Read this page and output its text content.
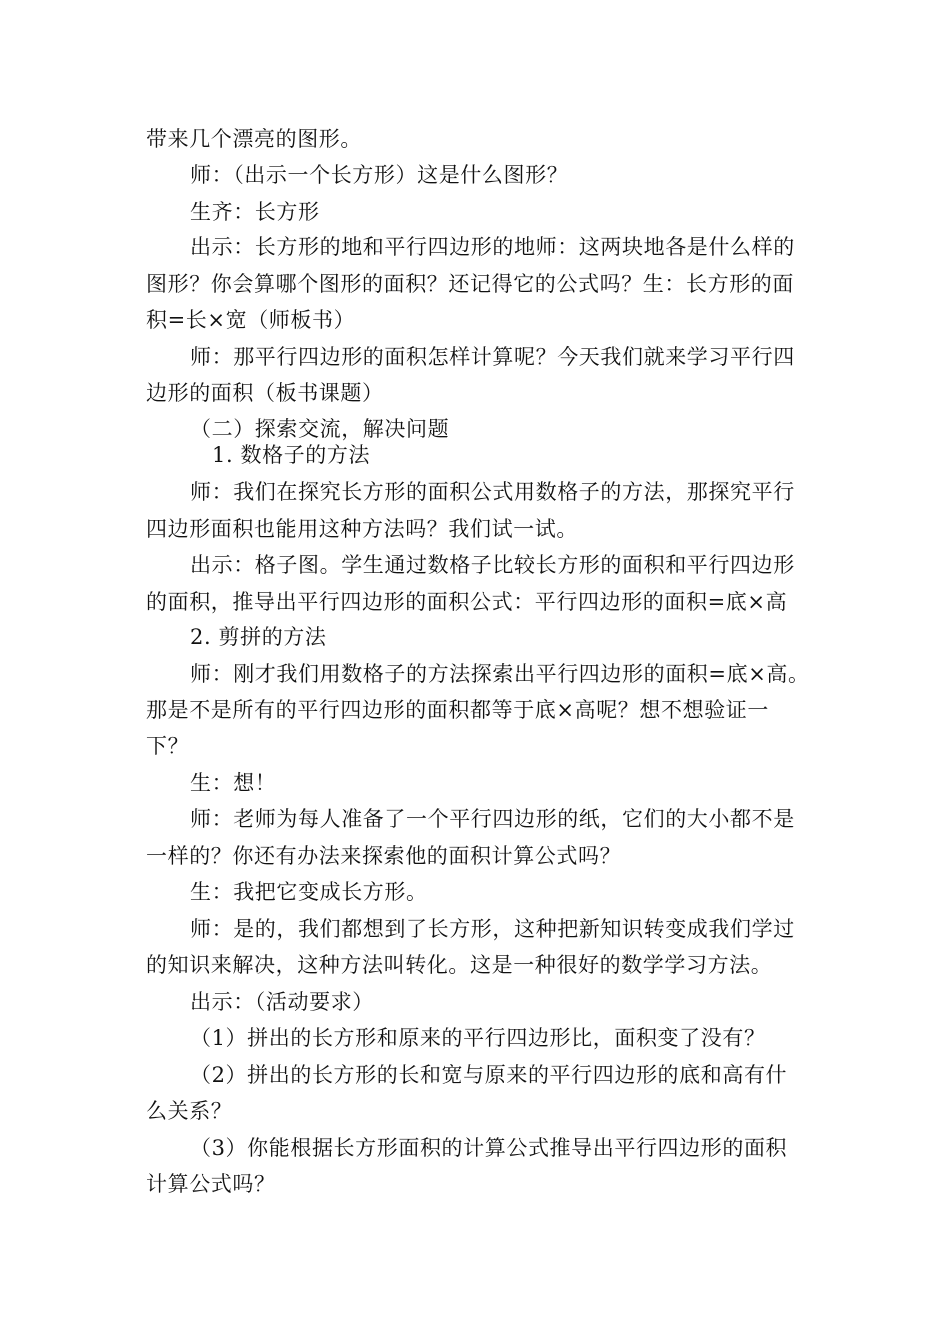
带来几个漂亮的图形。
师：（出示一个长方形）这是什么图形？
生齐：长方形
出示：长方形的地和平行四边形的地师：这两块地各是什么样的
图形？你会算哪个图形的面积？还记得它的公式吗？生：长方形的面
积=长×宽（师板书）
师：那平行四边形的面积怎样计算呢？今天我们就来学习平行四
边形的面积（板书课题）
（二）探索交流，解决问题
1. 数格子的方法
师：我们在探究长方形的面积公式用数格子的方法，那探究平行
四边形面积也能用这种方法吗？我们试一试。
出示：格子图。学生通过数格子比较长方形的面积和平行四边形
的面积，推导出平行四边形的面积公式：平行四边形的面积=底×高
2. 剪拼的方法
师：刚才我们用数格子的方法探索出平行四边形的面积=底×高。
那是不是所有的平行四边形的面积都等于底×高呢？想不想验证一
下？
生：想！
师：老师为每人准备了一个平行四边形的纸，它们的大小都不是
一样的？你还有办法来探索他的面积计算公式吗？
生：我把它变成长方形。
师：是的，我们都想到了长方形，这种把新知识转变成我们学过
的知识来解决，这种方法叫转化。这是一种很好的数学学习方法。
出示：（活动要求）
（1）拼出的长方形和原来的平行四边形比，面积变了没有？
（2）拼出的长方形的长和宽与原来的平行四边形的底和高有什
么关系？
（3）你能根据长方形面积的计算公式推导出平行四边形的面积
计算公式吗？
